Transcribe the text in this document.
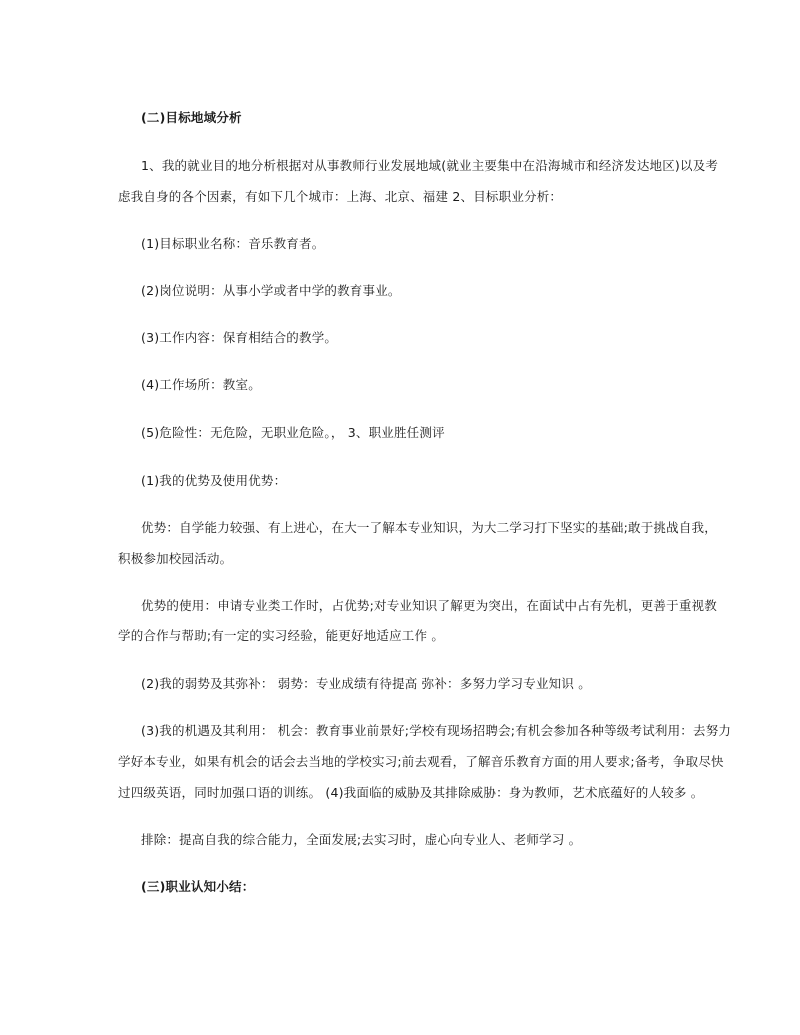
(二)目标地域分析
1、我的就业目的地分析根据对从事教师行业发展地域(就业主要集中在沿海城市和经济发达地区)以及考
虑我自身的各个因素，有如下几个城市：上海、北京、福建 2、目标职业分析：
(1)目标职业名称：音乐教育者。
(2)岗位说明：从事小学或者中学的教育事业。
(3)工作内容：保育相结合的教学。
(4)工作场所：教室。
(5)危险性：无危险，无职业危险。， 3、职业胜任测评
(1)我的优势及使用优势：
优势：自学能力较强、有上进心，在大一了解本专业知识，为大二学习打下坚实的基础;敢于挑战自我，
积极参加校园活动。
优势的使用：申请专业类工作时，占优势;对专业知识了解更为突出，在面试中占有先机，更善于重视教
学的合作与帮助;有一定的实习经验，能更好地适应工作 。
(2)我的弱势及其弥补： 弱势：专业成绩有待提高 弥补：多努力学习专业知识 。
(3)我的机遇及其利用： 机会：教育事业前景好;学校有现场招聘会;有机会参加各种等级考试利用：去努力
学好本专业，如果有机会的话会去当地的学校实习;前去观看，了解音乐教育方面的用人要求;备考，争取尽快
过四级英语，同时加强口语的训练。 (4)我面临的威胁及其排除威胁：身为教师，艺术底蕴好的人较多 。
排除：提高自我的综合能力，全面发展;去实习时，虚心向专业人、老师学习 。
(三)职业认知小结：
